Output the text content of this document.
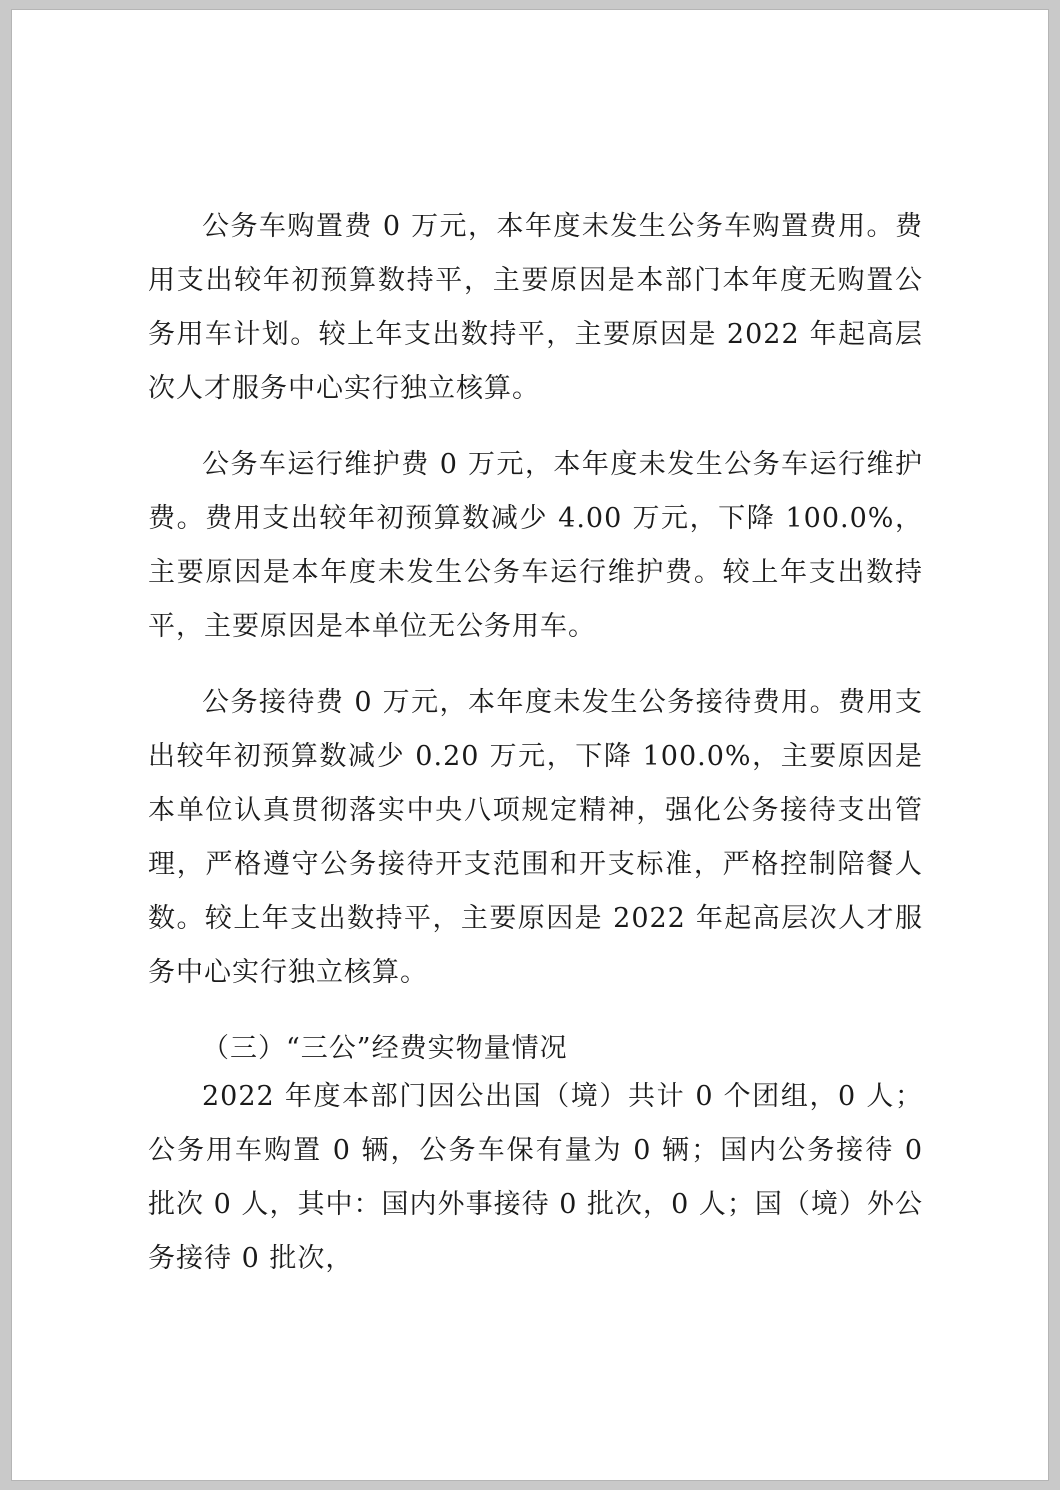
公务车购置费 0 万元，本年度未发生公务车购置费用。费用支出较年初预算数持平，主要原因是本部门本年度无购置公务用车计划。较上年支出数持平，主要原因是 2022 年起高层次人才服务中心实行独立核算。

公务车运行维护费 0 万元，本年度未发生公务车运行维护费。费用支出较年初预算数减少 4.00 万元，下降 100.0%，主要原因是本年度未发生公务车运行维护费。较上年支出数持平，主要原因是本单位无公务用车。

公务接待费 0 万元，本年度未发生公务接待费用。费用支出较年初预算数减少 0.20 万元，下降 100.0%，主要原因是本单位认真贯彻落实中央八项规定精神，强化公务接待支出管理，严格遵守公务接待开支范围和开支标准，严格控制陪餐人数。较上年支出数持平，主要原因是 2022 年起高层次人才服务中心实行独立核算。

（三）“三公”经费实物量情况

2022 年度本部门因公出国（境）共计 0 个团组，0 人；公务用车购置 0 辆，公务车保有量为 0 辆；国内公务接待 0 批次 0 人，其中：国内外事接待 0 批次，0 人；国（境）外公务接待 0 批次，
